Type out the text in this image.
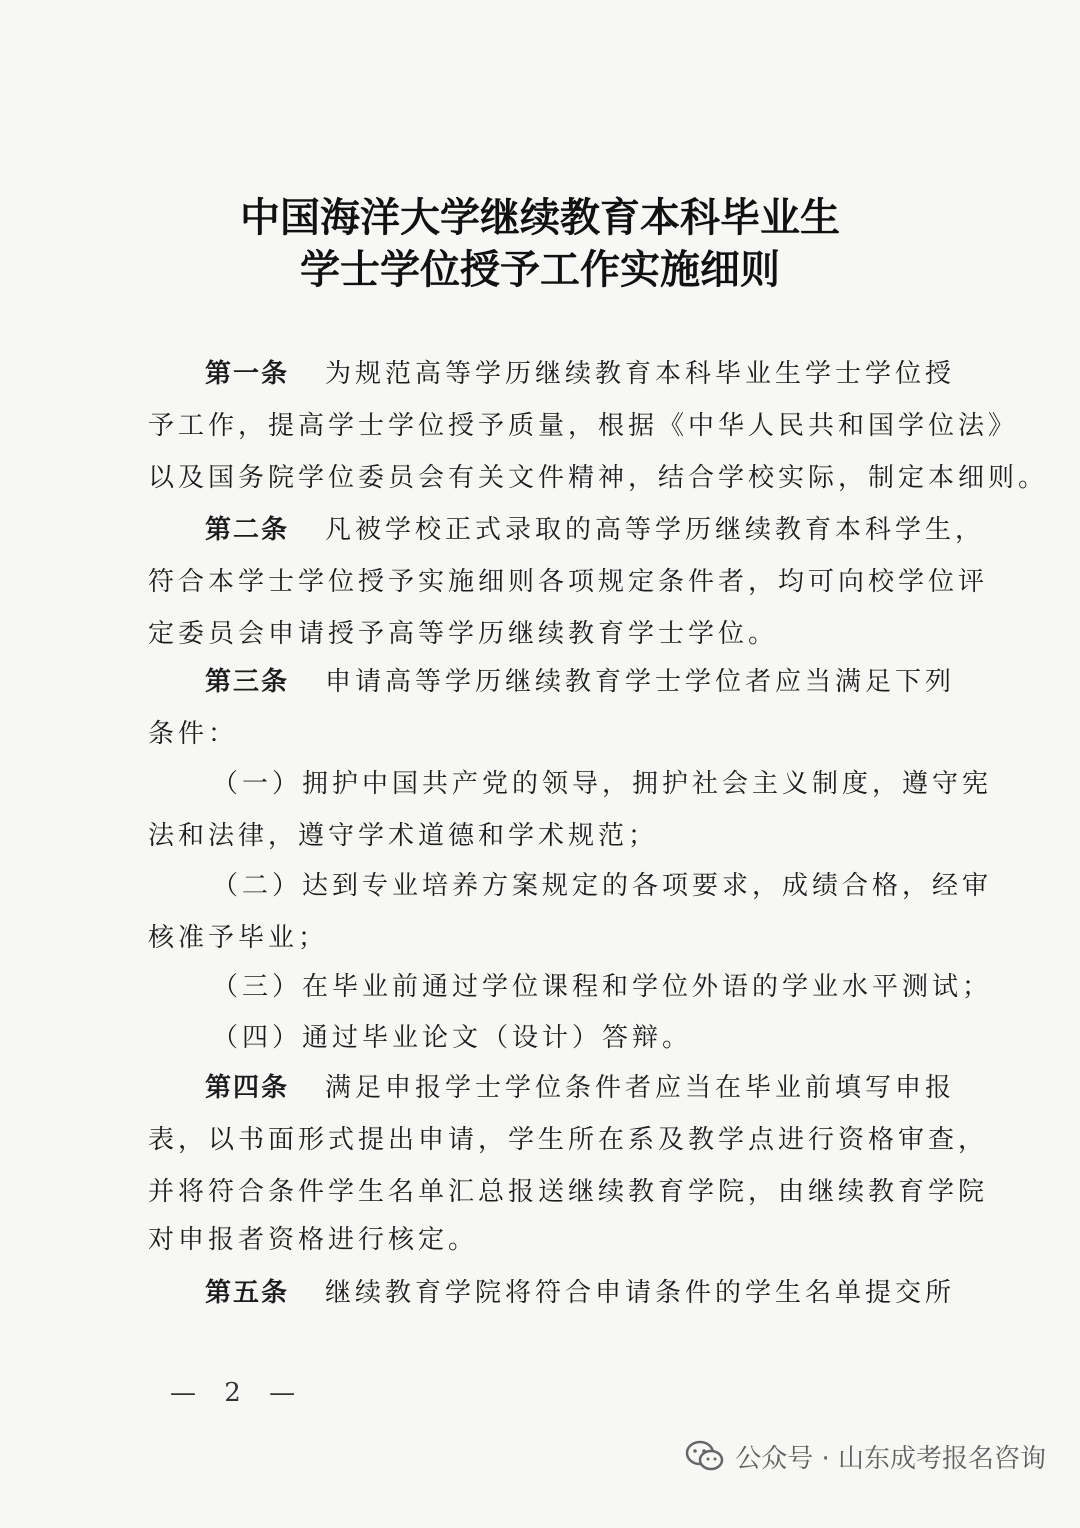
中国海洋大学继续教育本科毕业生
学士学位授予工作实施细则
第一条 为规范高等学历继续教育本科毕业生学士学位授
予工作，提高学士学位授予质量，根据《中华人民共和国学位法》
以及国务院学位委员会有关文件精神，结合学校实际，制定本细则。
第二条 凡被学校正式录取的高等学历继续教育本科学生，
符合本学士学位授予实施细则各项规定条件者，均可向校学位评
定委员会申请授予高等学历继续教育学士学位。
第三条 申请高等学历继续教育学士学位者应当满足下列
条件：
（一）拥护中国共产党的领导，拥护社会主义制度，遵守宪
法和法律，遵守学术道德和学术规范；
（二）达到专业培养方案规定的各项要求，成绩合格，经审
核准予毕业；
（三）在毕业前通过学位课程和学位外语的学业水平测试；
（四）通过毕业论文（设计）答辩。
第四条 满足申报学士学位条件者应当在毕业前填写申报
表，以书面形式提出申请，学生所在系及教学点进行资格审查，
并将符合条件学生名单汇总报送继续教育学院，由继续教育学院
对申报者资格进行核定。
第五条 继续教育学院将符合申请条件的学生名单提交所
— 2 —
公众号 · 山东成考报名咨询
